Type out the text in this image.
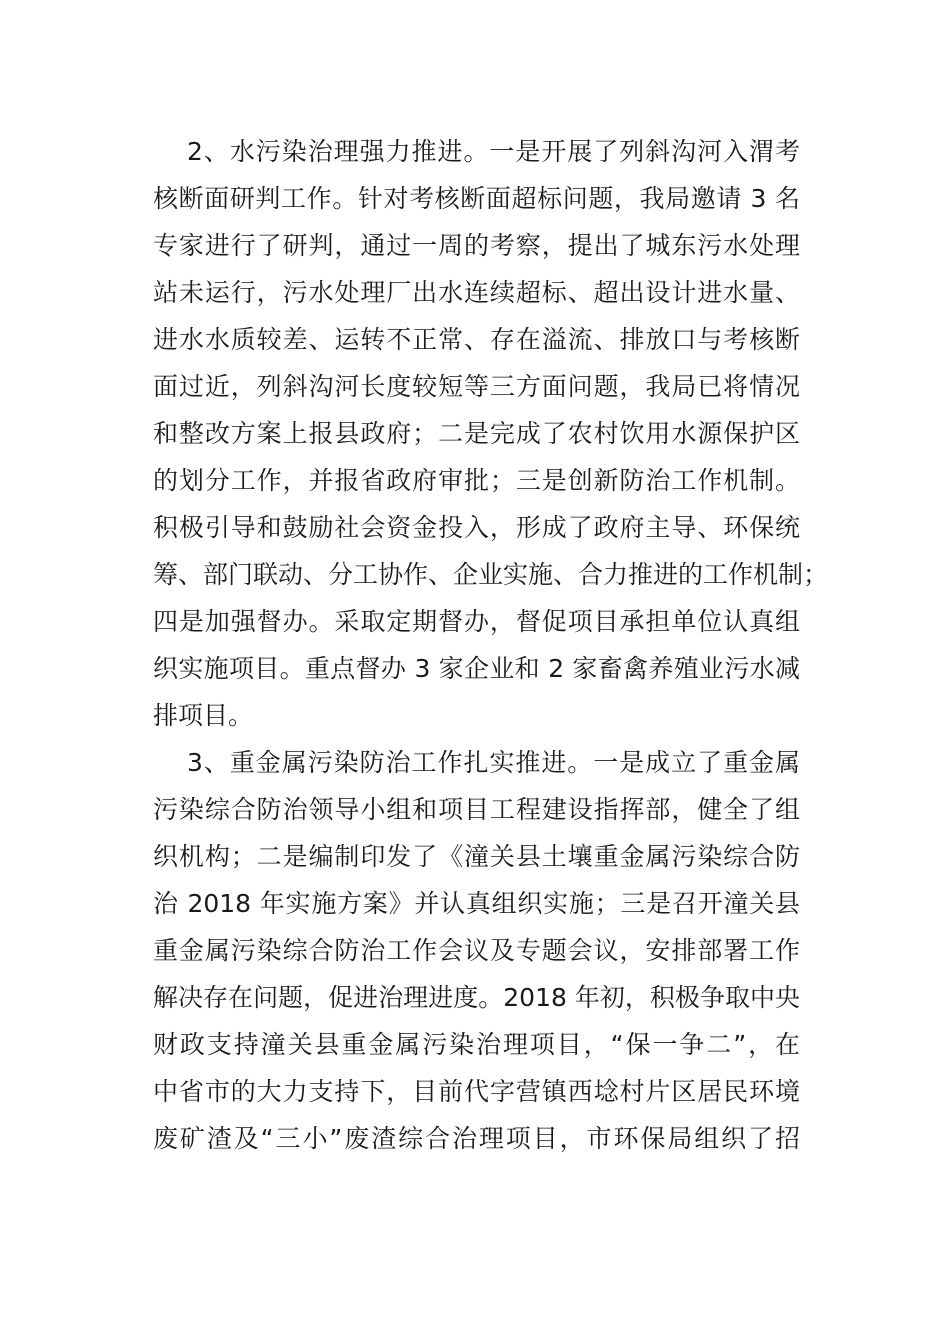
2、水污染治理强力推进。一是开展了列斜沟河入渭考
核断面研判工作。针对考核断面超标问题，我局邀请 3 名
专家进行了研判，通过一周的考察，提出了城东污水处理
站未运行，污水处理厂出水连续超标、超出设计进水量、
进水水质较差、运转不正常、存在溢流、排放口与考核断
面过近，列斜沟河长度较短等三方面问题，我局已将情况
和整改方案上报县政府；二是完成了农村饮用水源保护区
的划分工作，并报省政府审批；三是创新防治工作机制。
积极引导和鼓励社会资金投入，形成了政府主导、环保统
筹、部门联动、分工协作、企业实施、合力推进的工作机制；
四是加强督办。采取定期督办，督促项目承担单位认真组
织实施项目。重点督办 3 家企业和 2 家畜禽养殖业污水减
排项目。
3、重金属污染防治工作扎实推进。一是成立了重金属
污染综合防治领导小组和项目工程建设指挥部，健全了组
织机构；二是编制印发了《潼关县土壤重金属污染综合防
治 2018 年实施方案》并认真组织实施；三是召开潼关县
重金属污染综合防治工作会议及专题会议，安排部署工作
解决存在问题，促进治理进度。2018 年初，积极争取中央
财政支持潼关县重金属污染治理项目，“保一争二”，在
中省市的大力支持下，目前代字营镇西埝村片区居民环境
废矿渣及“三小”废渣综合治理项目，市环保局组织了招
